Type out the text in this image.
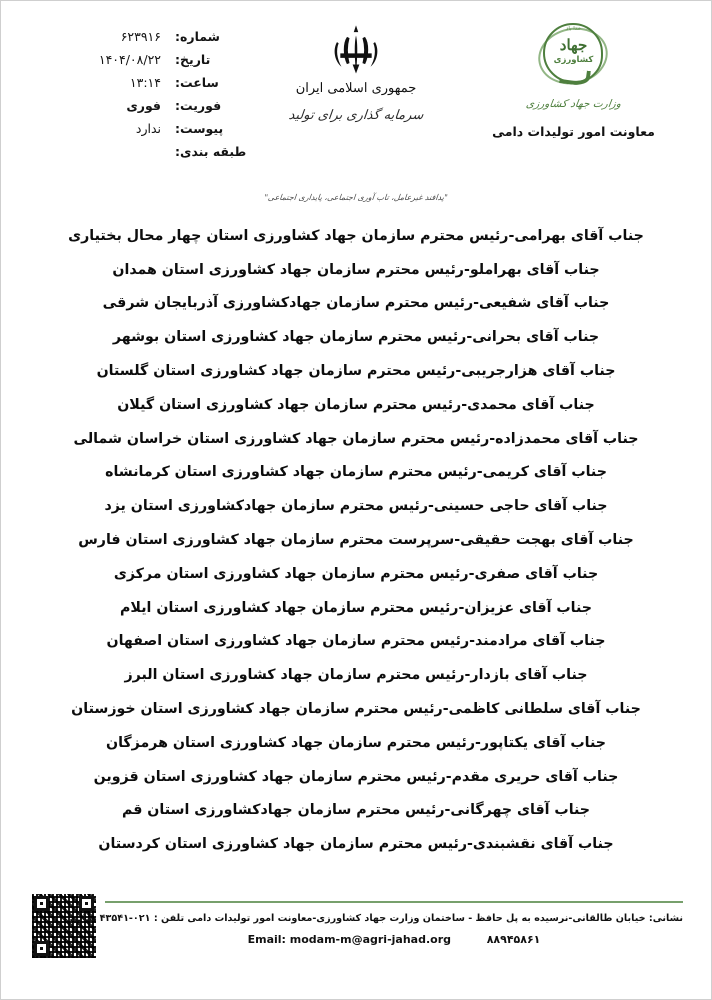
شماره:
۶۲۳۹۱۶
تاریخ:
۱۴۰۴/۰۸/۲۲
ساعت:
۱۳:۱۴
فوریت:
فوری
پیوست:
ندارد
طبقه بندی:
جمهوری اسلامی ایران
سرمایه گذاری برای تولید
خدا باد
جهاد
کشاورزی
وزارت جهاد کشاورزی
معاونت امور تولیدات دامی
"پدافند غیرعامل، تاب آوری اجتماعی، پایداری اجتماعی"
جناب آقای بهرامی-رئیس محترم سازمان جهاد کشاورزی استان چهار محال بختیاری
جناب آقای بهراملو-رئیس محترم سازمان جهاد کشاورزی استان همدان
جناب آقای شفیعی-رئیس محترم سازمان جهادکشاورزی آذربایجان شرقی
جناب آقای بحرانی-رئیس محترم سازمان جهاد کشاورزی استان بوشهر
جناب آقای هزارجریبی-رئیس محترم سازمان جهاد کشاورزی استان گلستان
جناب آقای محمدی-رئیس محترم سازمان جهاد کشاورزی استان گیلان
جناب آقای محمدزاده-رئیس محترم سازمان جهاد کشاورزی استان خراسان شمالی
جناب آقای کریمی-رئیس محترم سازمان جهاد کشاورزی استان کرمانشاه
جناب آقای حاجی حسینی-رئیس محترم سازمان جهادکشاورزی استان یزد
جناب آقای بهجت حقیقی-سرپرست محترم سازمان جهاد کشاورزی استان فارس
جناب آقای صفری-رئیس محترم سازمان جهاد کشاورزی استان مرکزی
جناب آقای عزیزان-رئیس محترم سازمان جهاد کشاورزی استان ایلام
جناب آقای مرادمند-رئیس محترم سازمان جهاد کشاورزی استان اصفهان
جناب آقای بازدار-رئیس محترم سازمان جهاد کشاورزی استان البرز
جناب آقای سلطانی کاظمی-رئیس محترم سازمان جهاد کشاورزی استان خوزستان
جناب آقای یکتاپور-رئیس محترم سازمان جهاد کشاورزی استان هرمزگان
جناب آقای حریری مقدم-رئیس محترم سازمان جهاد کشاورزی استان قزوین
جناب آقای چهرگانی-رئیس محترم سازمان جهادکشاورزی استان قم
جناب آقای نقشبندی-رئیس محترم سازمان جهاد کشاورزی استان کردستان
نشانی: خیابان طالقانی-نرسیده به پل حافظ - ساختمان وزارت جهاد کشاورزی-معاونت امور تولیدات دامی تلفن : ۰۲۱-۴۳۵۴۱ نمابر:
Email: modam-m@agri-jahad.org	۸۸۹۴۵۸۶۱
